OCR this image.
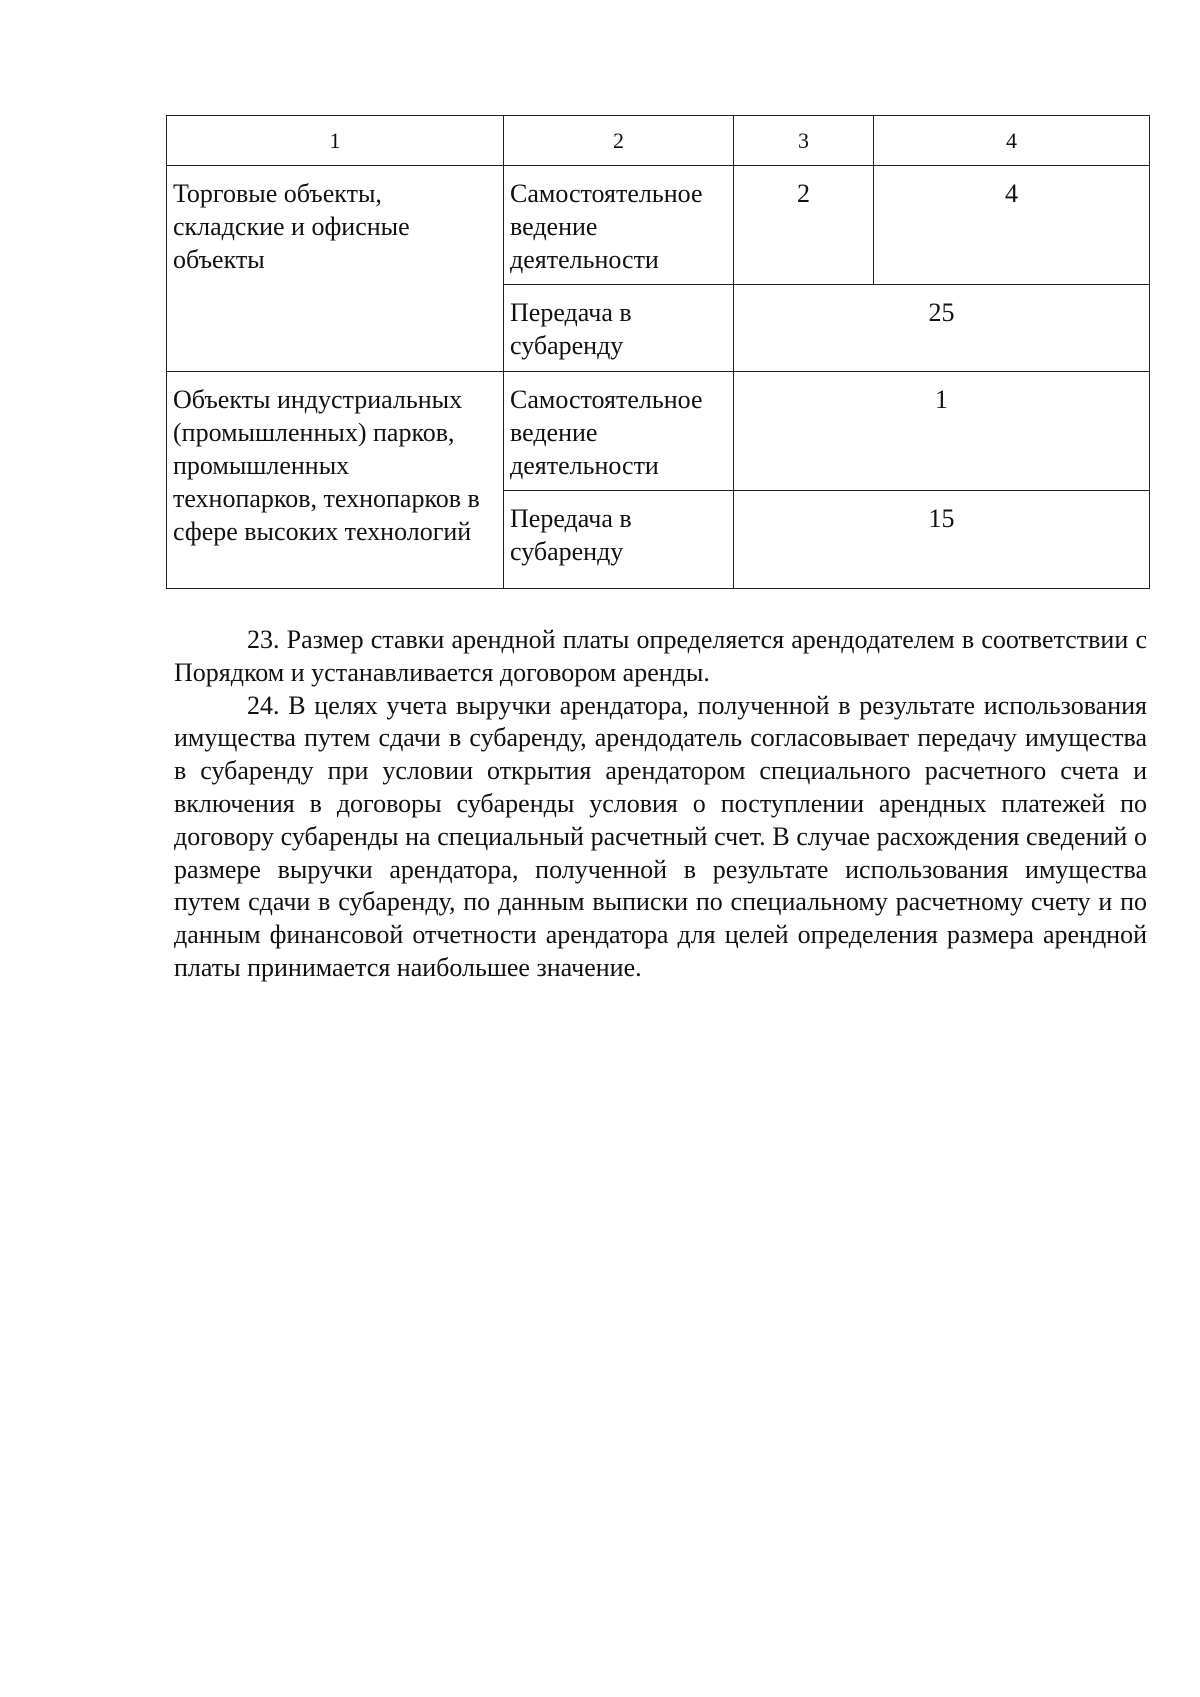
1	2	3	4
Торговые объекты, складские и офисные объекты	Самостоятельное ведение деятельности	2	4
	Передача в субаренду	25	
Объекты индустриальных (промышленных) парков, промышленных технопарков, технопарков в сфере высоких технологий	Самостоятельное ведение деятельности	1	
	Передача в субаренду	15	

23. Размер ставки арендной платы определяется арендодателем в соответствии с Порядком и устанавливается договором аренды.

24. В целях учета выручки арендатора, полученной в результате использования имущества путем сдачи в субаренду, арендодатель согласовывает передачу имущества в субаренду при условии открытия арендатором специального расчетного счета и включения в договоры субаренды условия о поступлении арендных платежей по договору субаренды на специальный расчетный счет. В случае расхождения сведений о размере выручки арендатора, полученной в результате использования имущества путем сдачи в субаренду, по данным выписки по специальному расчетному счету и по данным финансовой отчетности арендатора для целей определения размера арендной платы принимается наибольшее значение.
